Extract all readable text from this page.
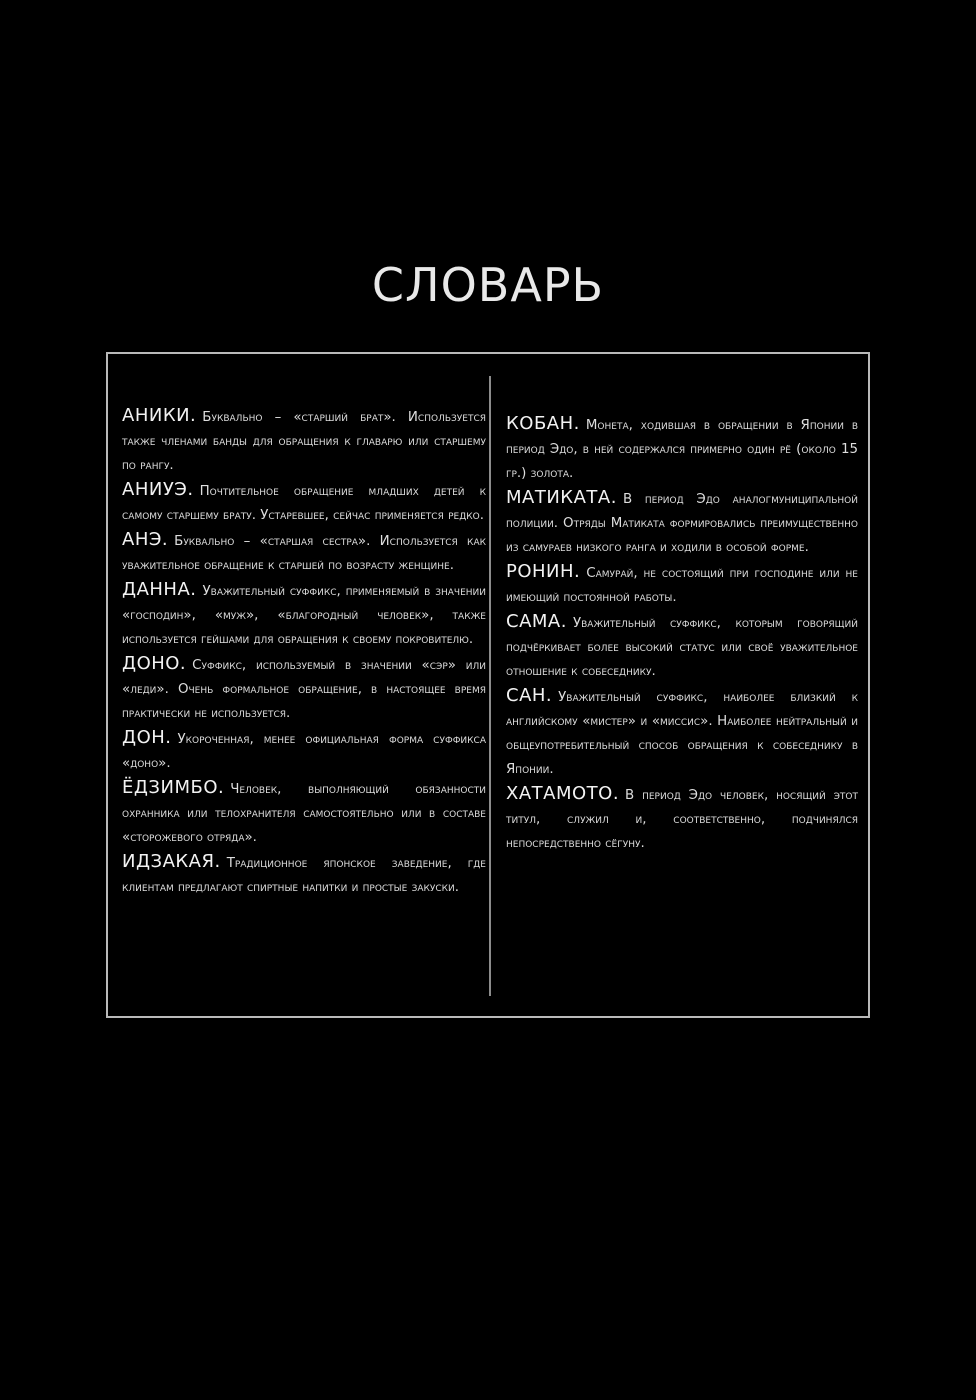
СЛОВАРЬ

АНИКИ. Буквально – «старший брат». Используется также членами банды для обращения к главарю или старшему по рангу.

АНИУЭ. Почтительное обращение младших детей к самому старшему брату. Устаревшее, сейчас применяется редко.

АНЭ. Буквально – «старшая сестра». Используется как уважительное обращение к старшей по возрасту женщине.

ДАННА. Уважительный суффикс, применяемый в значении «господин», «муж», «благородный человек», также используется гейшами для обращения к своему покровителю.

ДОНО. Суффикс, используемый в значении «сэр» или «леди». Очень формальное обращение, в настоящее время практически не используется.

ДОН. Укороченная, менее официальная форма суффикса «доно».

ЁДЗИМБО. Человек, выполняющий обязанности охранника или телохранителя самостоятельно или в составе «сторожевого отряда».

ИДЗАКАЯ. Традиционное японское заведение, где клиентам предлагают спиртные напитки и простые закуски.

КОБАН. Монета, ходившая в обращении в Японии в период Эдо, в ней содержался примерно один рё (около 15 гр.) золота.

МАТИКАТА. В период Эдо аналогмуниципальной полиции. Отряды Матиката формировались преимущественно из самураев низкого ранга и ходили в особой форме.

РОНИН. Самурай, не состоящий при господине или не имеющий постоянной работы.

САМА. Уважительный суффикс, которым говорящий подчёркивает более высокий статус или своё уважительное отношение к собеседнику.

САН. Уважительный суффикс, наиболее близкий к английскому «мистер» и «миссис». Наиболее нейтральный и общеупотребительный способ обращения к собеседнику в Японии.

ХАТАМОТО. В период Эдо человек, носящий этот титул, служил и, соответственно, подчинялся непосредственно сёгуну.
